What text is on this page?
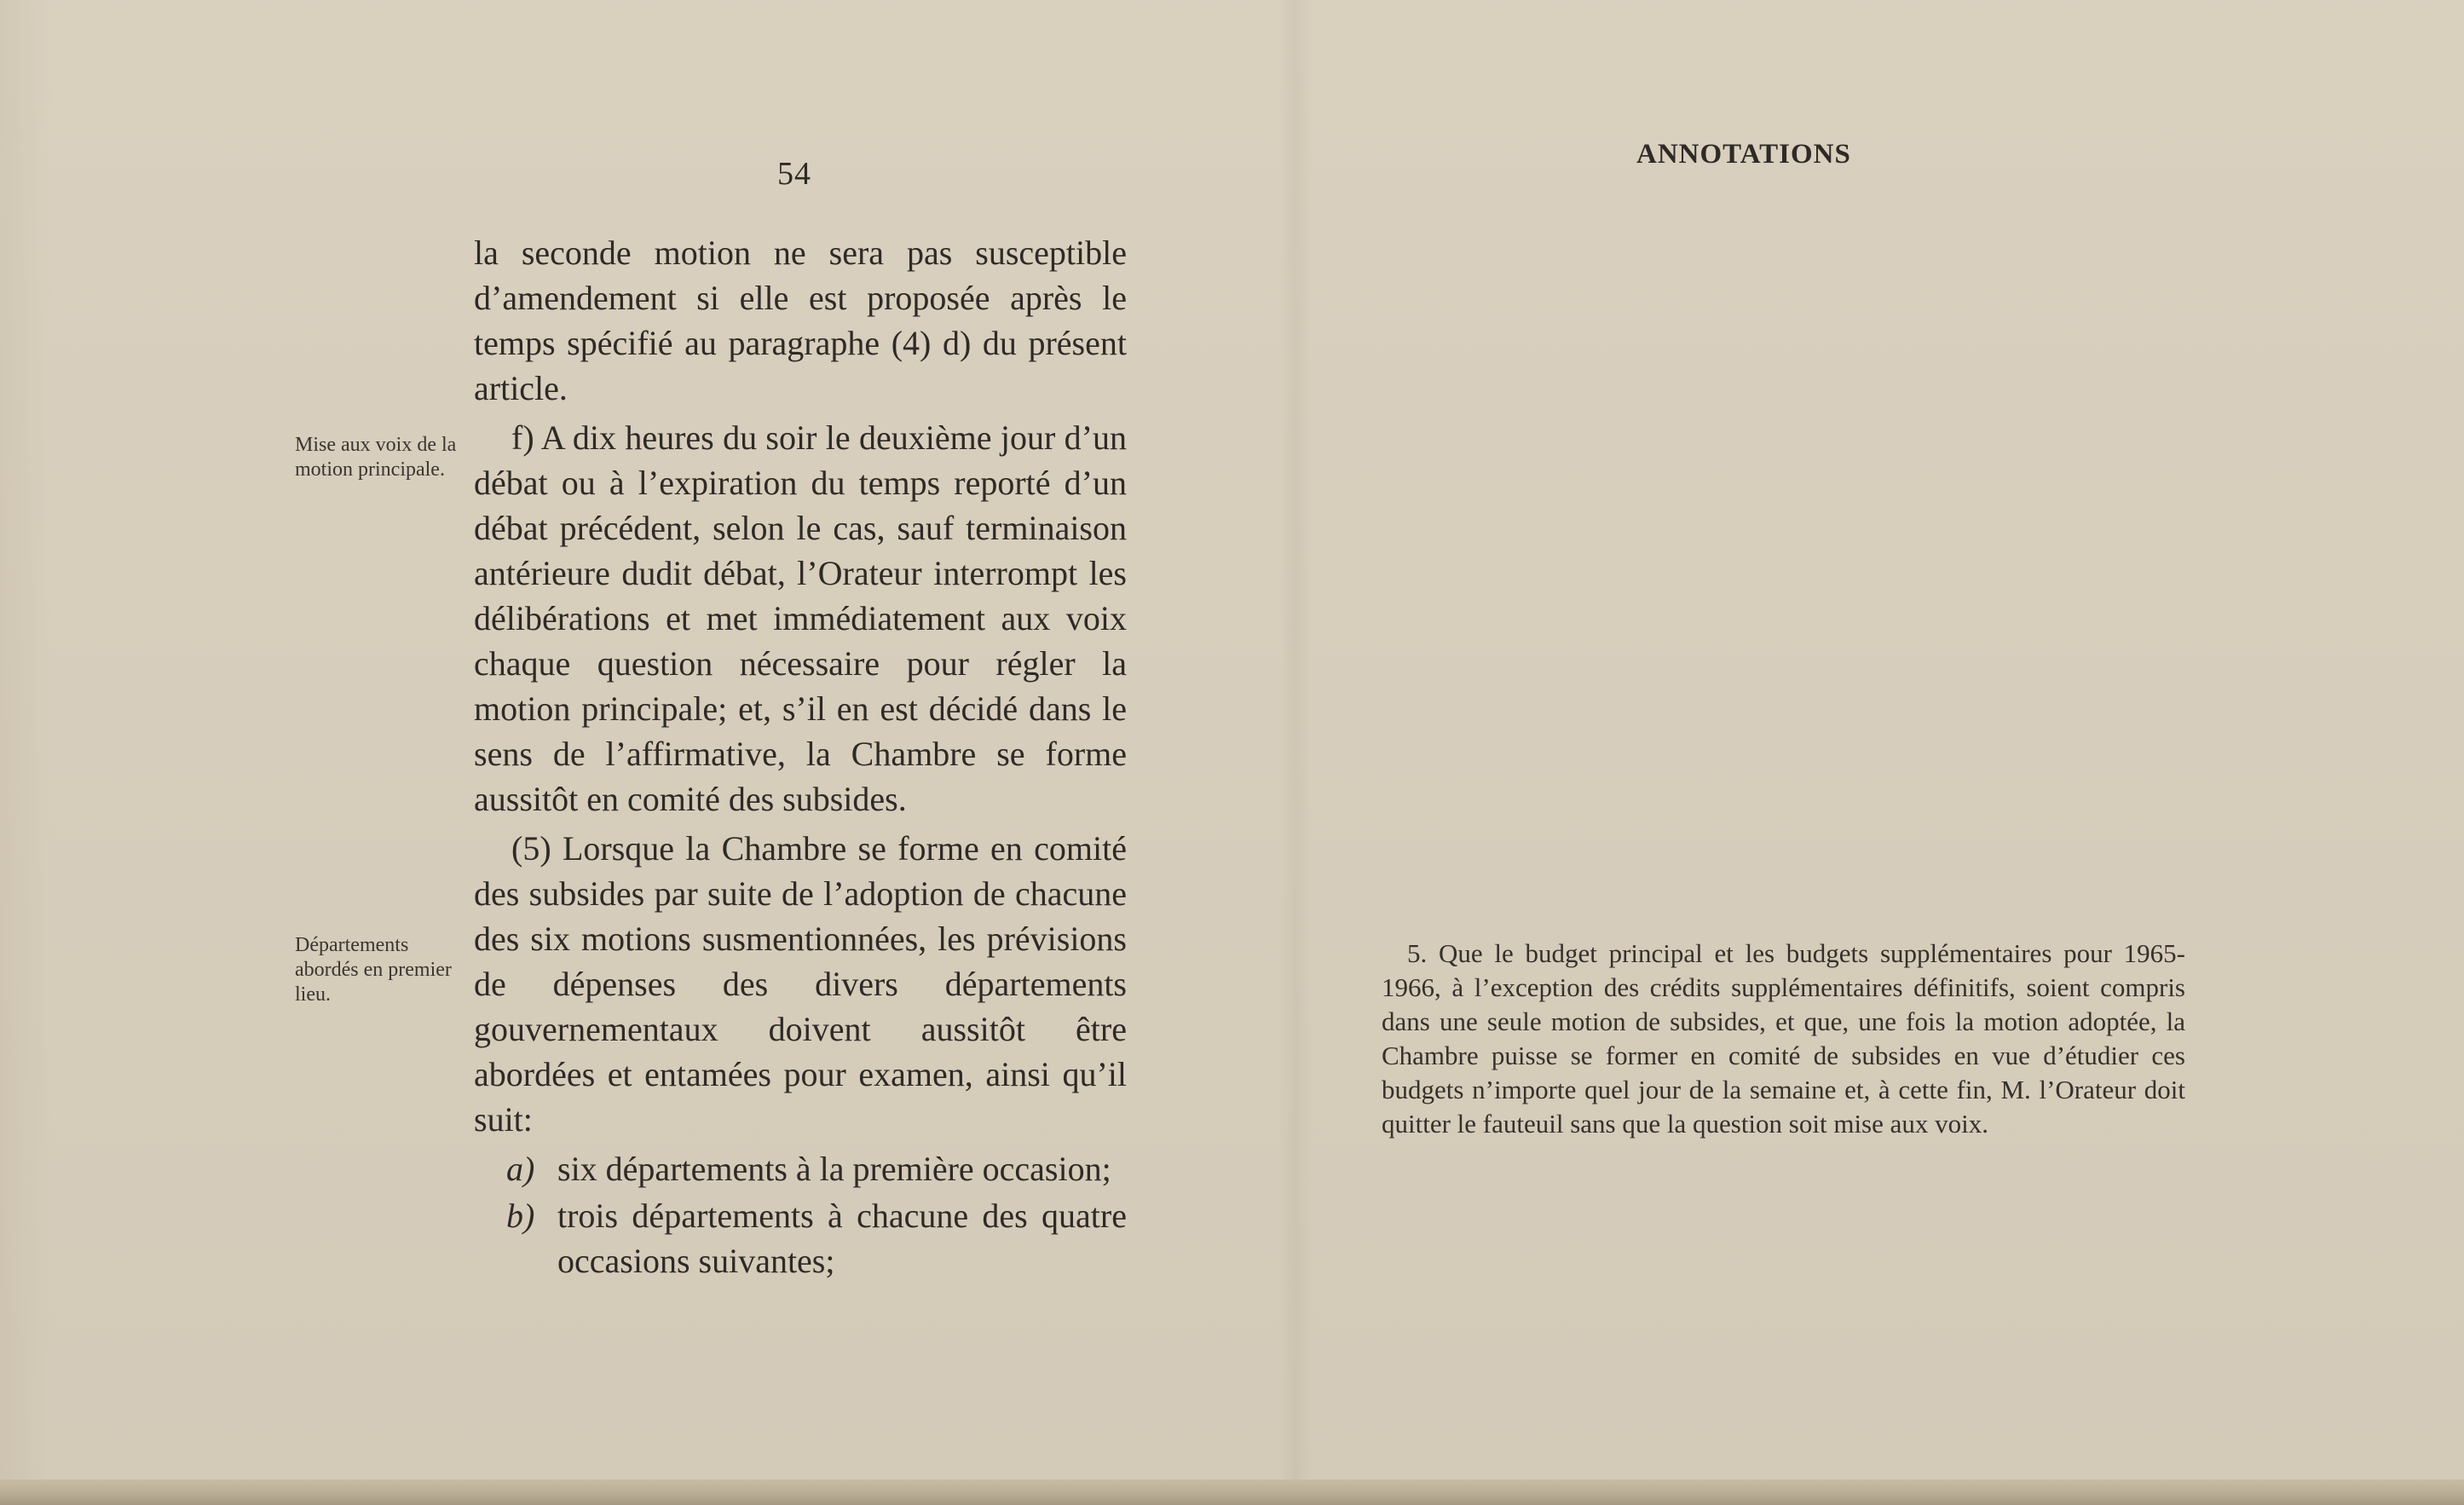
54
ANNOTATIONS
Mise aux voix de la motion principale.
Départements abordés en premier lieu.

la seconde motion ne sera pas susceptible d’amendement si elle est proposée après le temps spécifié au paragraphe (4) d) du présent article.

f) A dix heures du soir le deuxième jour d’un débat ou à l’expiration du temps reporté d’un débat précédent, selon le cas, sauf terminaison antérieure dudit débat, l’Orateur interrompt les délibérations et met immédiatement aux voix chaque question nécessaire pour régler la motion principale; et, s’il en est décidé dans le sens de l’affirmative, la Chambre se forme aussitôt en comité des subsides.

(5) Lorsque la Chambre se forme en comité des subsides par suite de l’adoption de chacune des six motions susmentionnées, les prévisions de dépenses des divers départements gouvernementaux doivent aussitôt être abordées et entamées pour examen, ainsi qu’il suit:

a) six départements à la première occasion;
b) trois départements à chacune des quatre occasions suivantes;
5. Que le budget principal et les budgets supplémentaires pour 1965-1966, à l’exception des crédits supplémentaires définitifs, soient compris dans une seule motion de subsides, et que, une fois la motion adoptée, la Chambre puisse se former en comité de subsides en vue d’étudier ces budgets n’importe quel jour de la semaine et, à cette fin, M. l’Orateur doit quitter le fauteuil sans que la question soit mise aux voix.
